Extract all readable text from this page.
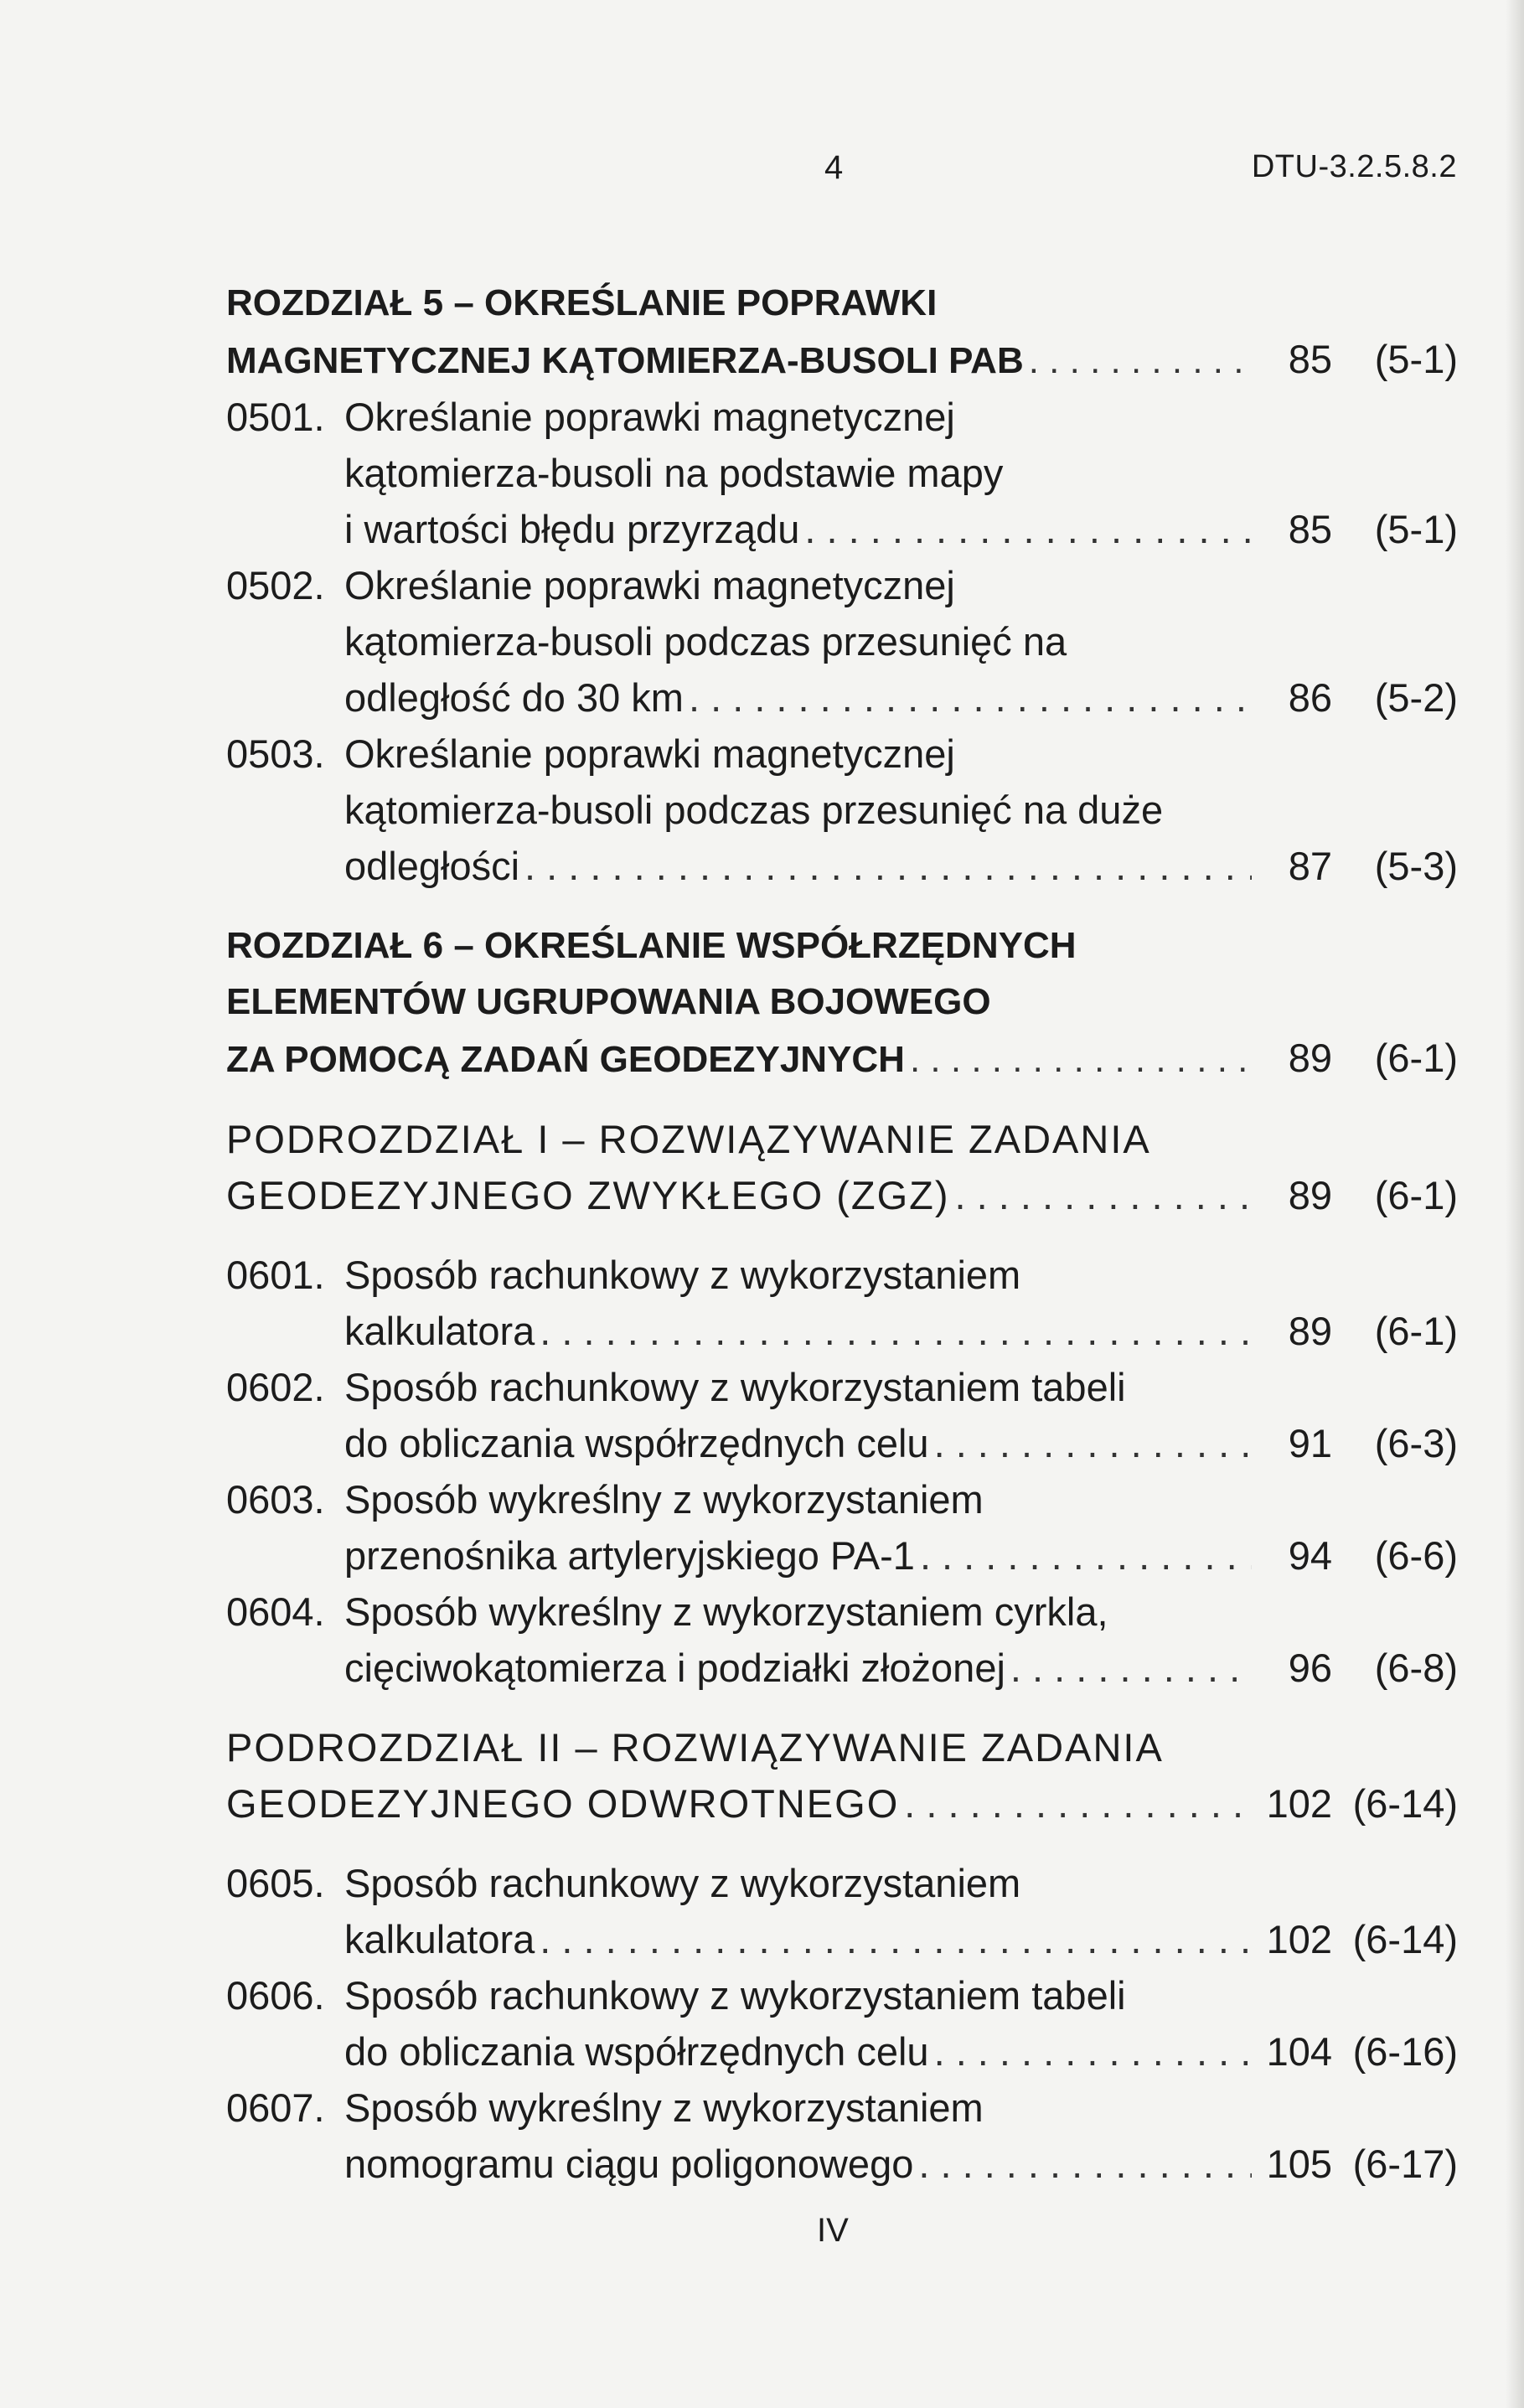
4	DTU-3.2.5.8.2
ROZDZIAŁ 5 – OKREŚLANIE POPRAWKI
MAGNETYCZNEJ KĄTOMIERZA-BUSOLI PAB . . .	85	(5-1)
0501. Określanie poprawki magnetycznej
kątomierza-busoli na podstawie mapy
i wartości błędu przyrządu . . .	85	(5-1)
0502. Określanie poprawki magnetycznej
kątomierza-busoli podczas przesunięć na
odległość do 30 km . . .	86	(5-2)
0503. Określanie poprawki magnetycznej
kątomierza-busoli podczas przesunięć na duże
odległości . . .	87	(5-3)
ROZDZIAŁ 6 – OKREŚLANIE WSPÓŁRZĘDNYCH
ELEMENTÓW UGRUPOWANIA BOJOWEGO
ZA POMOCĄ ZADAŃ GEODEZYJNYCH . . .	89	(6-1)
PODROZDZIAŁ I – ROZWIĄZYWANIE ZADANIA
GEODEZYJNEGO ZWYKŁEGO (ZGZ) . . .	89	(6-1)
0601. Sposób rachunkowy z wykorzystaniem
kalkulatora . . .	89	(6-1)
0602. Sposób rachunkowy z wykorzystaniem tabeli
do obliczania współrzędnych celu . . .	91	(6-3)
0603. Sposób wykreślny z wykorzystaniem
przenośnika artyleryjskiego PA-1 . . .	94	(6-6)
0604. Sposób wykreślny z wykorzystaniem cyrkla,
cięciwokątomierza i podziałki złożonej . . .	96	(6-8)
PODROZDZIAŁ II – ROZWIĄZYWANIE ZADANIA
GEODEZYJNEGO ODWROTNEGO . . .	102 (6-14)
0605. Sposób rachunkowy z wykorzystaniem
kalkulatora . . .	102 (6-14)
0606. Sposób rachunkowy z wykorzystaniem tabeli
do obliczania współrzędnych celu . . .	104 (6-16)
0607. Sposób wykreślny z wykorzystaniem
nomogramu ciągu poligonowego . . .	105 (6-17)
IV
